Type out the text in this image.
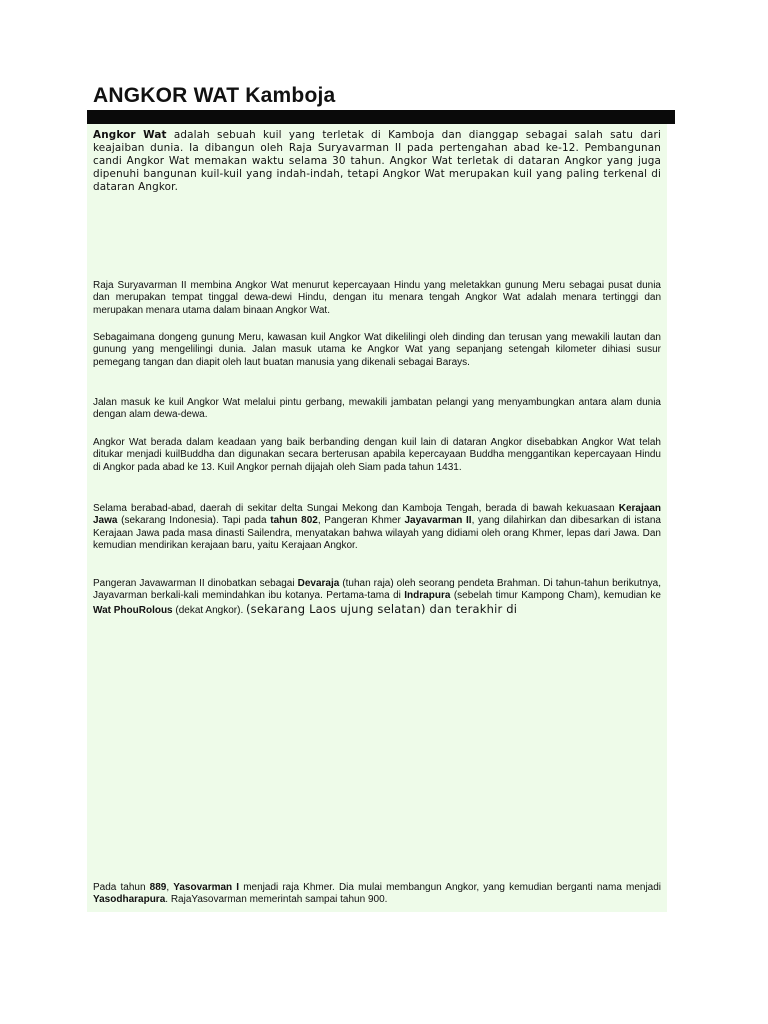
ANGKOR WAT Kamboja

Angkor Wat adalah sebuah kuil yang terletak di Kamboja dan dianggap sebagai salah satu dari keajaiban dunia. Ia dibangun oleh Raja Suryavarman II pada pertengahan abad ke-12. Pembangunan candi Angkor Wat memakan waktu selama 30 tahun. Angkor Wat terletak di dataran Angkor yang juga dipenuhi bangunan kuil-kuil yang indah-indah, tetapi Angkor Wat merupakan kuil yang paling terkenal di dataran Angkor.

Raja Suryavarman II membina Angkor Wat menurut kepercayaan Hindu yang meletakkan gunung Meru sebagai pusat dunia dan merupakan tempat tinggal dewa-dewi Hindu, dengan itu menara tengah Angkor Wat adalah menara tertinggi dan merupakan menara utama dalam binaan Angkor Wat.

Sebagaimana dongeng gunung Meru, kawasan kuil Angkor Wat dikelilingi oleh dinding dan terusan yang mewakili lautan dan gunung yang mengelilingi dunia. Jalan masuk utama ke Angkor Wat yang sepanjang setengah kilometer dihiasi susur pemegang tangan dan diapit oleh laut buatan manusia yang dikenali sebagai Barays.

Jalan masuk ke kuil Angkor Wat melalui pintu gerbang, mewakili jambatan pelangi yang menyambungkan antara alam dunia dengan alam dewa-dewa.

Angkor Wat berada dalam keadaan yang baik berbanding dengan kuil lain di dataran Angkor disebabkan Angkor Wat telah ditukar menjadi kuilBuddha dan digunakan secara berterusan apabila kepercayaan Buddha menggantikan kepercayaan Hindu di Angkor pada abad ke 13. Kuil Angkor pernah dijajah oleh Siam pada tahun 1431.

Selama berabad-abad, daerah di sekitar delta Sungai Mekong dan Kamboja Tengah, berada di bawah kekuasaan Kerajaan Jawa (sekarang Indonesia). Tapi pada tahun 802, Pangeran Khmer Jayavarman II, yang dilahirkan dan dibesarkan di istana Kerajaan Jawa pada masa dinasti Sailendra, menyatakan bahwa wilayah yang didiami oleh orang Khmer, lepas dari Jawa. Dan kemudian mendirikan kerajaan baru, yaitu Kerajaan Angkor.

Pangeran Javawarman II dinobatkan sebagai Devaraja (tuhan raja) oleh seorang pendeta Brahman. Di tahun-tahun berikutnya, Jayavarman berkali-kali memindahkan ibu kotanya. Pertama-tama di Indrapura (sebelah timur Kampong Cham), kemudian ke Wat PhouRolous (dekat Angkor). (sekarang Laos ujung selatan) dan terakhir di

Pada tahun 889, Yasovarman I menjadi raja Khmer. Dia mulai membangun Angkor, yang kemudian berganti nama menjadi Yasodharapura. RajaYasovarman memerintah sampai tahun 900.
